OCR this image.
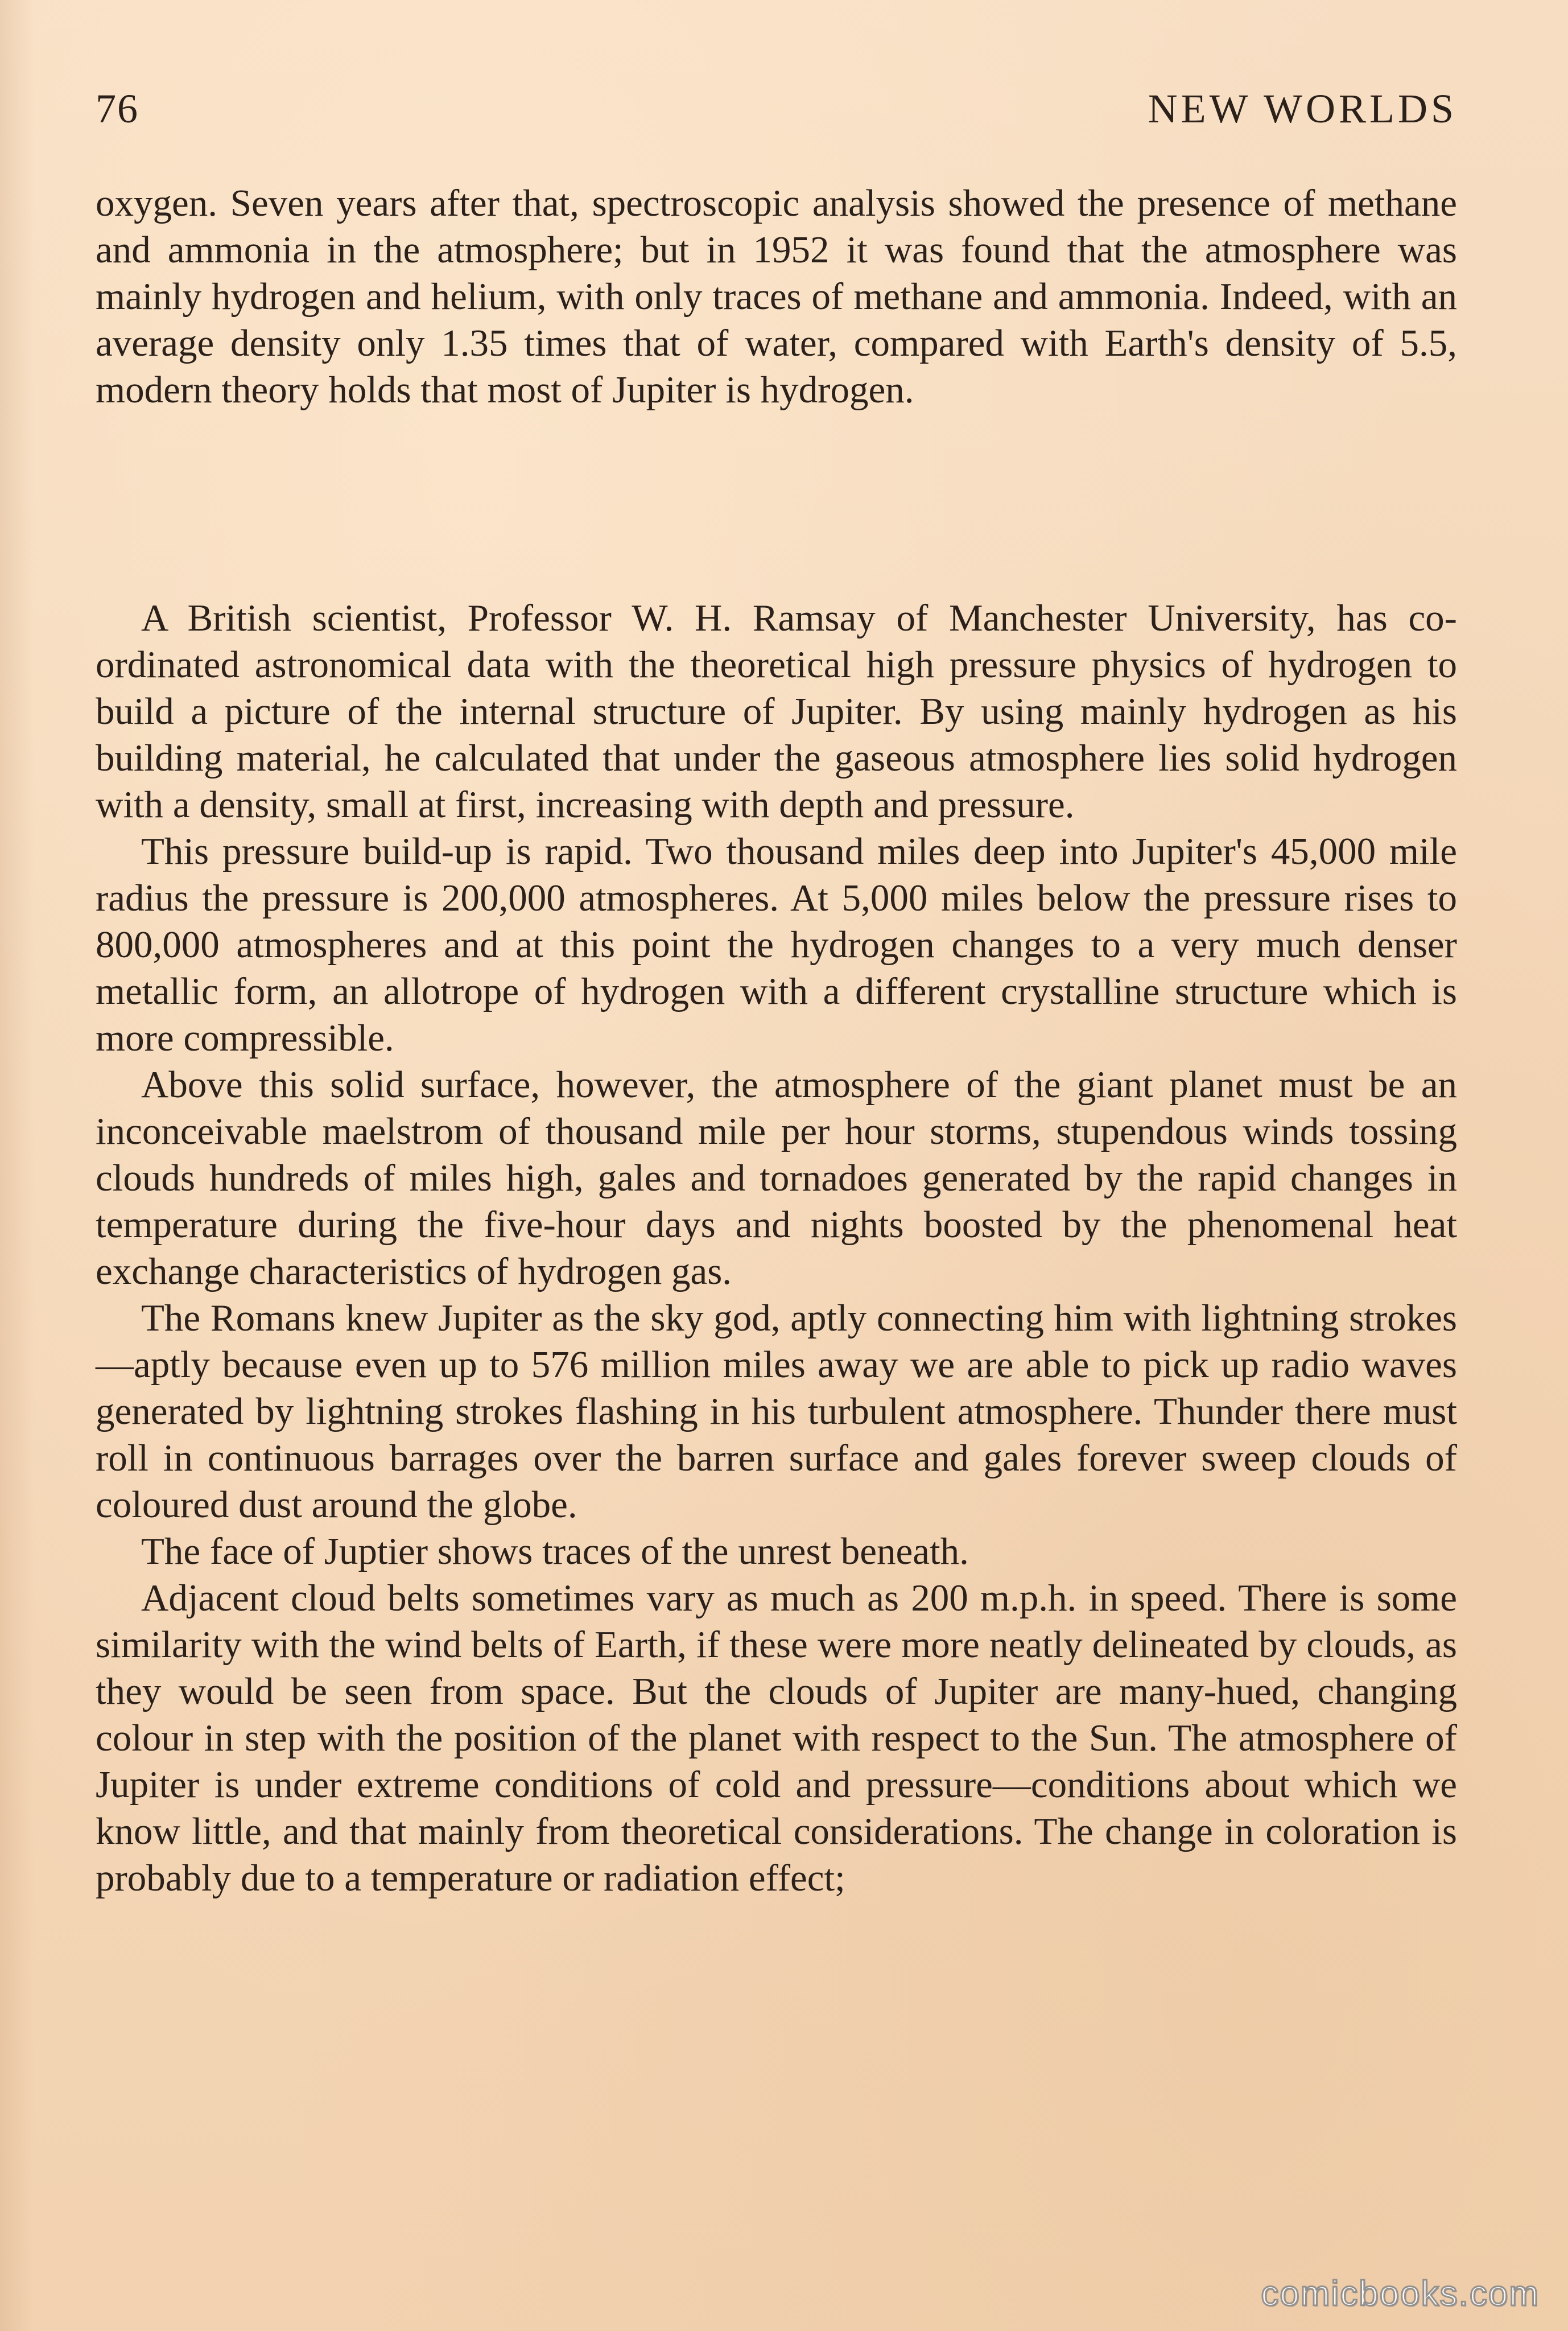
76	NEW WORLDS

oxygen. Seven years after that, spectroscopic analysis showed the presence of methane and ammonia in the atmosphere; but in 1952 it was found that the atmosphere was mainly hydrogen and helium, with only traces of methane and ammonia. Indeed, with an average density only 1.35 times that of water, compared with Earth's density of 5.5, modern theory holds that most of Jupiter is hydrogen.

A British scientist, Professor W. H. Ramsay of Manchester University, has co-ordinated astronomical data with the theoretical high pressure physics of hydrogen to build a picture of the internal structure of Jupiter. By using mainly hydrogen as his building material, he calculated that under the gaseous atmosphere lies solid hydrogen with a density, small at first, increasing with depth and pressure.

This pressure build-up is rapid. Two thousand miles deep into Jupiter's 45,000 mile radius the pressure is 200,000 atmospheres. At 5,000 miles below the pressure rises to 800,000 atmospheres and at this point the hydrogen changes to a very much denser metallic form, an allotrope of hydrogen with a different crystalline structure which is more compressible.

Above this solid surface, however, the atmosphere of the giant planet must be an inconceivable maelstrom of thousand mile per hour storms, stupendous winds tossing clouds hundreds of miles high, gales and tornadoes generated by the rapid changes in temperature during the five-hour days and nights boosted by the phenomenal heat exchange characteristics of hydrogen gas.

The Romans knew Jupiter as the sky god, aptly connecting him with lightning strokes—aptly because even up to 576 million miles away we are able to pick up radio waves generated by lightning strokes flashing in his turbulent atmosphere. Thunder there must roll in continuous barrages over the barren surface and gales forever sweep clouds of coloured dust around the globe.

The face of Juptier shows traces of the unrest beneath.

Adjacent cloud belts sometimes vary as much as 200 m.p.h. in speed. There is some similarity with the wind belts of Earth, if these were more neatly delineated by clouds, as they would be seen from space. But the clouds of Jupiter are many-hued, changing colour in step with the position of the planet with respect to the Sun. The atmosphere of Jupiter is under extreme conditions of cold and pressure—conditions about which we know little, and that mainly from theoretical considerations. The change in coloration is probably due to a temperature or radiation effect;

comicbooks.com
